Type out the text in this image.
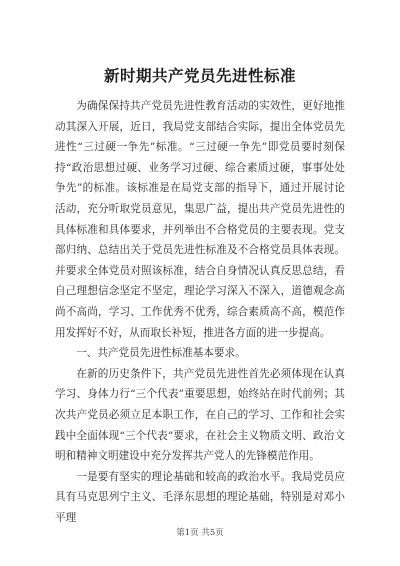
新时期共产党员先进性标准

为确保保持共产党员先进性教育活动的实效性，更好地推动其深入开展，近日，我局党支部结合实际，提出全体党员先进性“三过硬一争先”标准。“三过硬一争先”即党员要时刻保持“政治思想过硬、业务学习过硬、综合素质过硬，事事处处争先”的标准。该标准是在局党支部的指导下，通过开展讨论活动，充分听取党员意见，集思广益，提出共产党员先进性的具体标准和具体要求，并列举出不合格党员的主要表现。党支部归纳、总结出关于党员先进性标准及不合格党员具体表现。并要求全体党员对照该标准，结合自身情况认真反思总结，看自己理想信念坚定不坚定，理论学习深入不深入，道德观念高尚不高尚，学习、工作优秀不优秀，综合素质高不高，模范作用发挥好不好，从而取长补短，推进各方面的进一步提高。

一、共产党员先进性标准基本要求。

在新的历史条件下，共产党员先进性首先必须体现在认真学习、身体力行“三个代表”重要思想，始终站在时代前列；其次共产党员必须立足本职工作，在自己的学习、工作和社会实践中全面体现“三个代表”要求，在社会主义物质文明、政治文明和精神文明建设中充分发挥共产党人的先锋模范作用。

一是要有坚实的理论基础和较高的政治水平。我局党员应具有马克思列宁主义、毛泽东思想的理论基础，特别是对邓小平理

第1页 共5页
